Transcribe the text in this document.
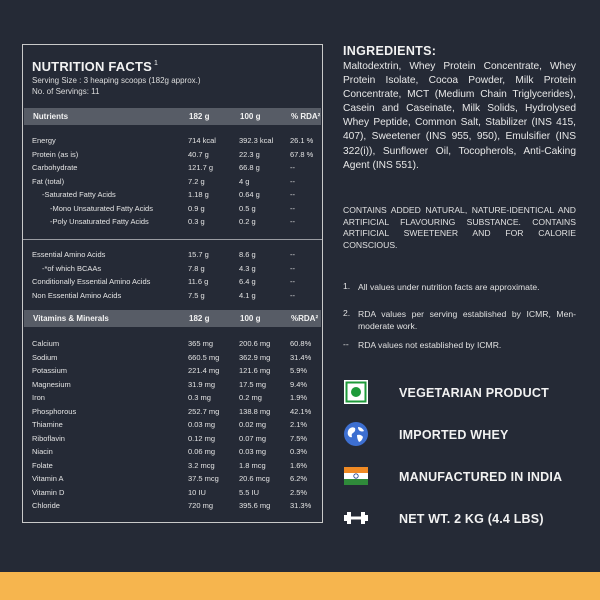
NUTRITION FACTS $^1$
Serving Size : 3 heaping scoops (182g approx.)
No. of Servings: 11
Nutrients	182 g	100 g	% RDA²
Energy	714 kcal	392.3 kcal 26.1 %
Protein (as is)	40.7 g	22.3 g	67.8 %
Carbohydrate	121.7 g	66.8 g	--
Fat (total)	7.2 g	4 g	--
-Saturated Fatty Acids	1.18 g	0.64 g	--
-Mono Unsaturated Fatty Acids	0.9 g	0.5 g	--
-Poly Unsaturated Fatty Acids	0.3 g	0.2 g	--
Essential Amino Acids	15.7 g	8.6 g	--
-*of which BCAAs	7.8 g	4.3 g	--
Conditionally Essential Amino Acids	11.6 g	6.4 g	--
Non Essential Amino Acids	7.5 g	4.1 g	--
Vitamins & Minerals	182 g	100 g	%RDA²
Calcium	365 mg	200.6 mg	60.8%
Sodium	660.5 mg	362.9 mg	31.4%
Potassium	221.4 mg	121.6 mg	5.9%
Magnesium	31.9 mg	17.5 mg	9.4%
Iron	0.3 mg	0.2 mg	1.9%
Phosphorous	252.7 mg	138.8 mg	42.1%
Thiamine	0.03 mg	0.02 mg	2.1%
Riboflavin	0.12 mg	0.07 mg	7.5%
Niacin	0.06 mg	0.03 mg	0.3%
Folate	3.2 mcg	1.8 mcg	1.6%
Vitamin A	37.5 mcg	20.6 mcg	6.2%
Vitamin D	10 IU	5.5 IU	2.5%
Chloride	720 mg	395.6 mg	31.3%
INGREDIENTS:
Maltodextrin, Whey Protein Concentrate, Whey Protein Isolate, Cocoa Powder, Milk Protein Concentrate, MCT (Medium Chain Triglycerides), Casein and Caseinate, Milk Solids, Hydrolysed Whey Peptide, Common Salt, Stabilizer (INS 415, 407), Sweetener (INS 955, 950), Emulsifier (INS 322(i)), Sunflower Oil, Tocopherols, Anti-Caking Agent (INS 551).
CONTAINS ADDED NATURAL, NATURE-IDENTICAL AND ARTIFICIAL FLAVOURING SUBSTANCE. CONTAINS ARTIFICIAL SWEETENER AND FOR CALORIE CONSCIOUS.
1. All values under nutrition facts are approximate.
2. RDA values per serving established by ICMR, Men-moderate work.
-- RDA values not established by ICMR.
VEGETARIAN PRODUCT
IMPORTED WHEY
MANUFACTURED IN INDIA
NET WT. 2 KG (4.4 LBS)
